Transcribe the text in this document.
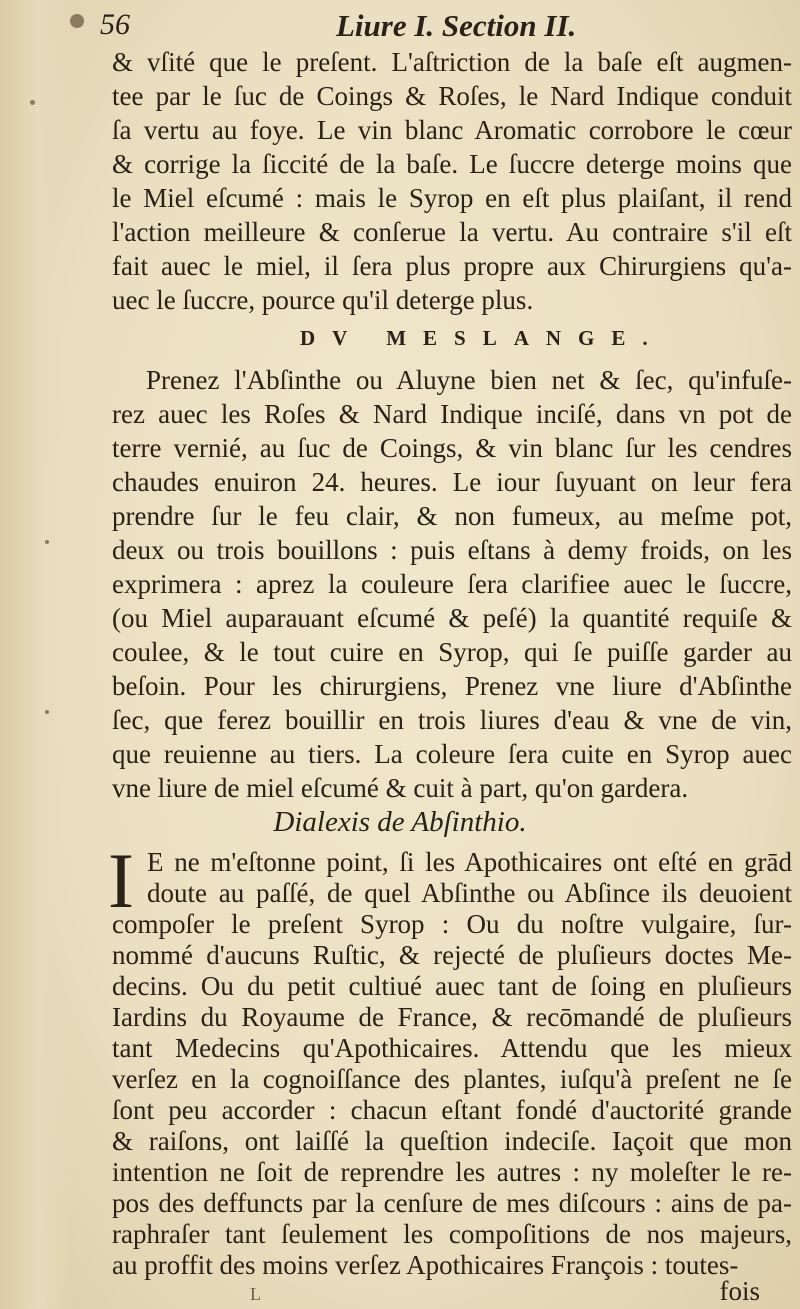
56	Liure I. Section II.
& vſité que le preſent. L'aſtriction de la baſe eſt augmen-
tee par le ſuc de Coings & Roſes, le Nard Indique conduit
ſa vertu au foye. Le vin blanc Aromatic corrobore le cœur
& corrige la ſiccité de la baſe. Le ſuccre deterge moins que
le Miel eſcumé : mais le Syrop en eſt plus plaiſant, il rend
l'action meilleure & conſerue la vertu. Au contraire s'il eſt
fait auec le miel, il ſera plus propre aux Chirurgiens qu'a-
uec le ſuccre, pource qu'il deterge plus.
DV MESLANGE.
Prenez l'Abſinthe ou Aluyne bien net & ſec, qu'infuſe-
rez auec les Roſes & Nard Indique inciſé, dans vn pot de
terre vernié, au ſuc de Coings, & vin blanc ſur les cendres
chaudes enuiron 24. heures. Le iour ſuyuant on leur fera
prendre ſur le feu clair, & non fumeux, au meſme pot,
deux ou trois bouillons : puis eſtans à demy froids, on les
exprimera : aprez la couleure ſera clarifiee auec le ſuccre,
(ou Miel auparauant eſcumé & peſé) la quantité requiſe &
coulee, & le tout cuire en Syrop, qui ſe puiſſe garder au
beſoin. Pour les chirurgiens, Prenez vne liure d'Abſinthe
ſec, que ferez bouillir en trois liures d'eau & vne de vin,
que reuienne au tiers. La coleure ſera cuite en Syrop auec
vne liure de miel eſcumé & cuit à part, qu'on gardera.
Dialexis de Abſinthio.
I E ne m'eſtonne point, ſi les Apothicaires ont eſté en grād
doute au paſſé, de quel Abſinthe ou Abſince ils deuoient
compoſer le preſent Syrop : Ou du noſtre vulgaire, ſur-
nommé d'aucuns Ruſtic, & rejecté de pluſieurs doctes Me-
decins. Ou du petit cultiué auec tant de ſoing en pluſieurs
Iardins du Royaume de France, & recōmandé de pluſieurs
tant Medecins qu'Apothicaires. Attendu que les mieux
verſez en la cognoiſſance des plantes, iuſqu'à preſent ne ſe
ſont peu accorder : chacun eſtant fondé d'auctorité grande
& raiſons, ont laiſſé la queſtion indeciſe. Iaçoit que mon
intention ne ſoit de reprendre les autres : ny moleſter le re-
pos des deffuncts par la cenſure de mes diſcours : ains de pa-
raphraſer tant ſeulement les compoſitions de nos majeurs,
fois
L
au proffit des moins verſez Apothicaires François : toutes-
